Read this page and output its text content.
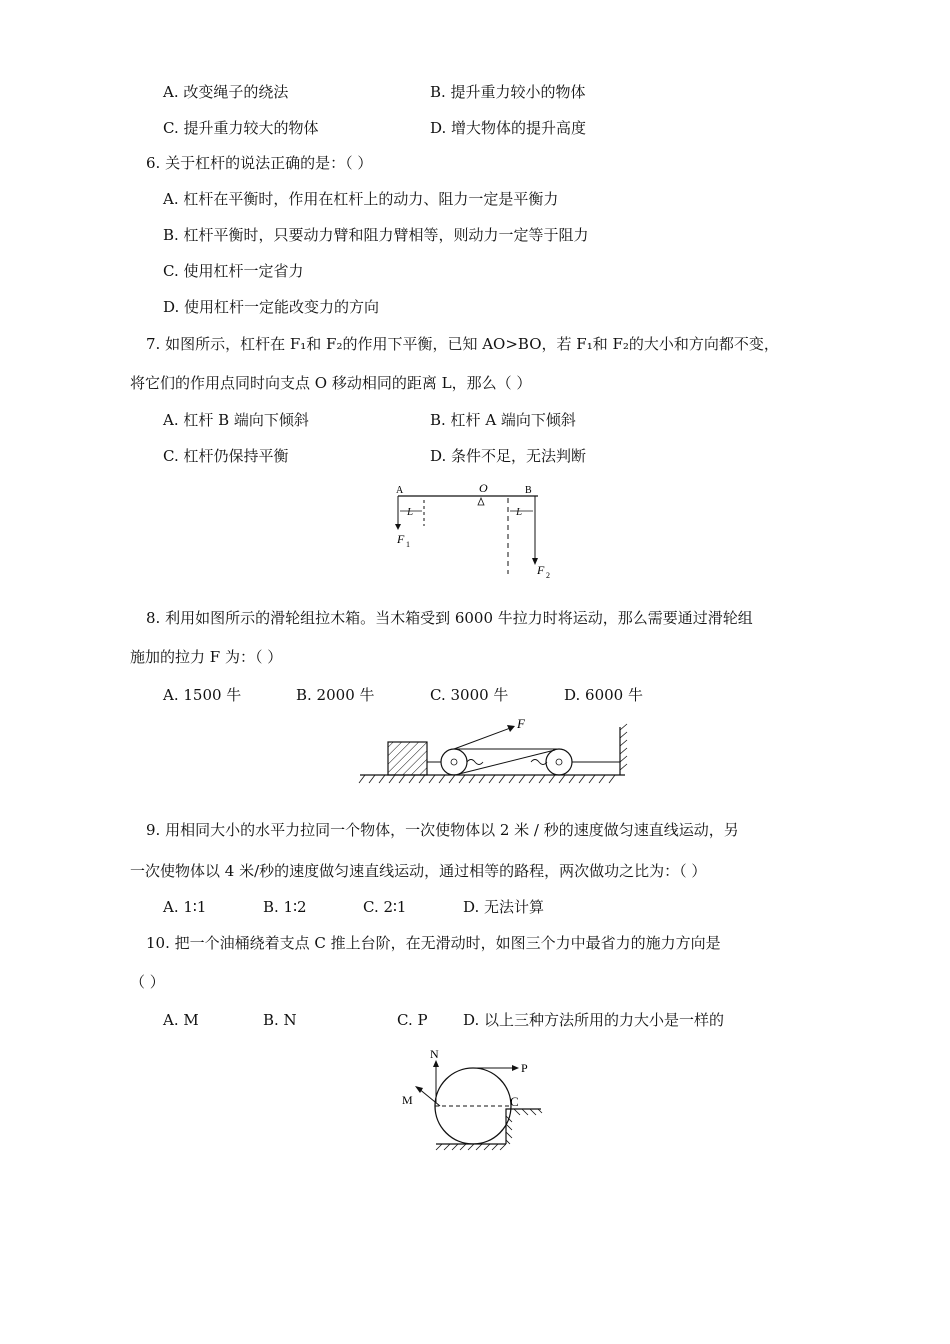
A. 改变绳子的绕法	B. 提升重力较小的物体
C. 提升重力较大的物体	D. 增大物体的提升高度
6. 关于杠杆的说法正确的是：（ ）
A. 杠杆在平衡时，作用在杠杆上的动力、阻力一定是平衡力
B. 杠杆平衡时，只要动力臂和阻力臂相等，则动力一定等于阻力
C. 使用杠杆一定省力
D. 使用杠杆一定能改变力的方向
7. 如图所示，杠杆在 F₁和 F₂的作用下平衡，已知 AO>BO，若 F₁和 F₂的大小和方向都不变，
将它们的作用点同时向支点 O 移动相同的距离 L，那么（ ）
A. 杠杆 B 端向下倾斜	B. 杠杆 A 端向下倾斜
C. 杠杆仍保持平衡	D. 条件不足，无法判断
A	O	B
L
F 1
L
F 2
8. 利用如图所示的滑轮组拉木箱。当木箱受到 6000 牛拉力时将运动，那么需要通过滑轮组
施加的拉力 F 为：（ ）
A. 1500 牛	B. 2000 牛	C. 3000 牛	D. 6000 牛
F
9. 用相同大小的水平力拉同一个物体，一次使物体以 2 米 / 秒的速度做匀速直线运动，另
一次使物体以 4 米/秒的速度做匀速直线运动，通过相等的路程，两次做功之比为：（ ）
A. 1∶1	B. 1∶2	C. 2∶1	D. 无法计算
10. 把一个油桶绕着支点 C 推上台阶，在无滑动时，如图三个力中最省力的施力方向是
（ ）
A. M	B. N	C. P D. 以上三种方法所用的力大小是一样的
C
N
P
M
